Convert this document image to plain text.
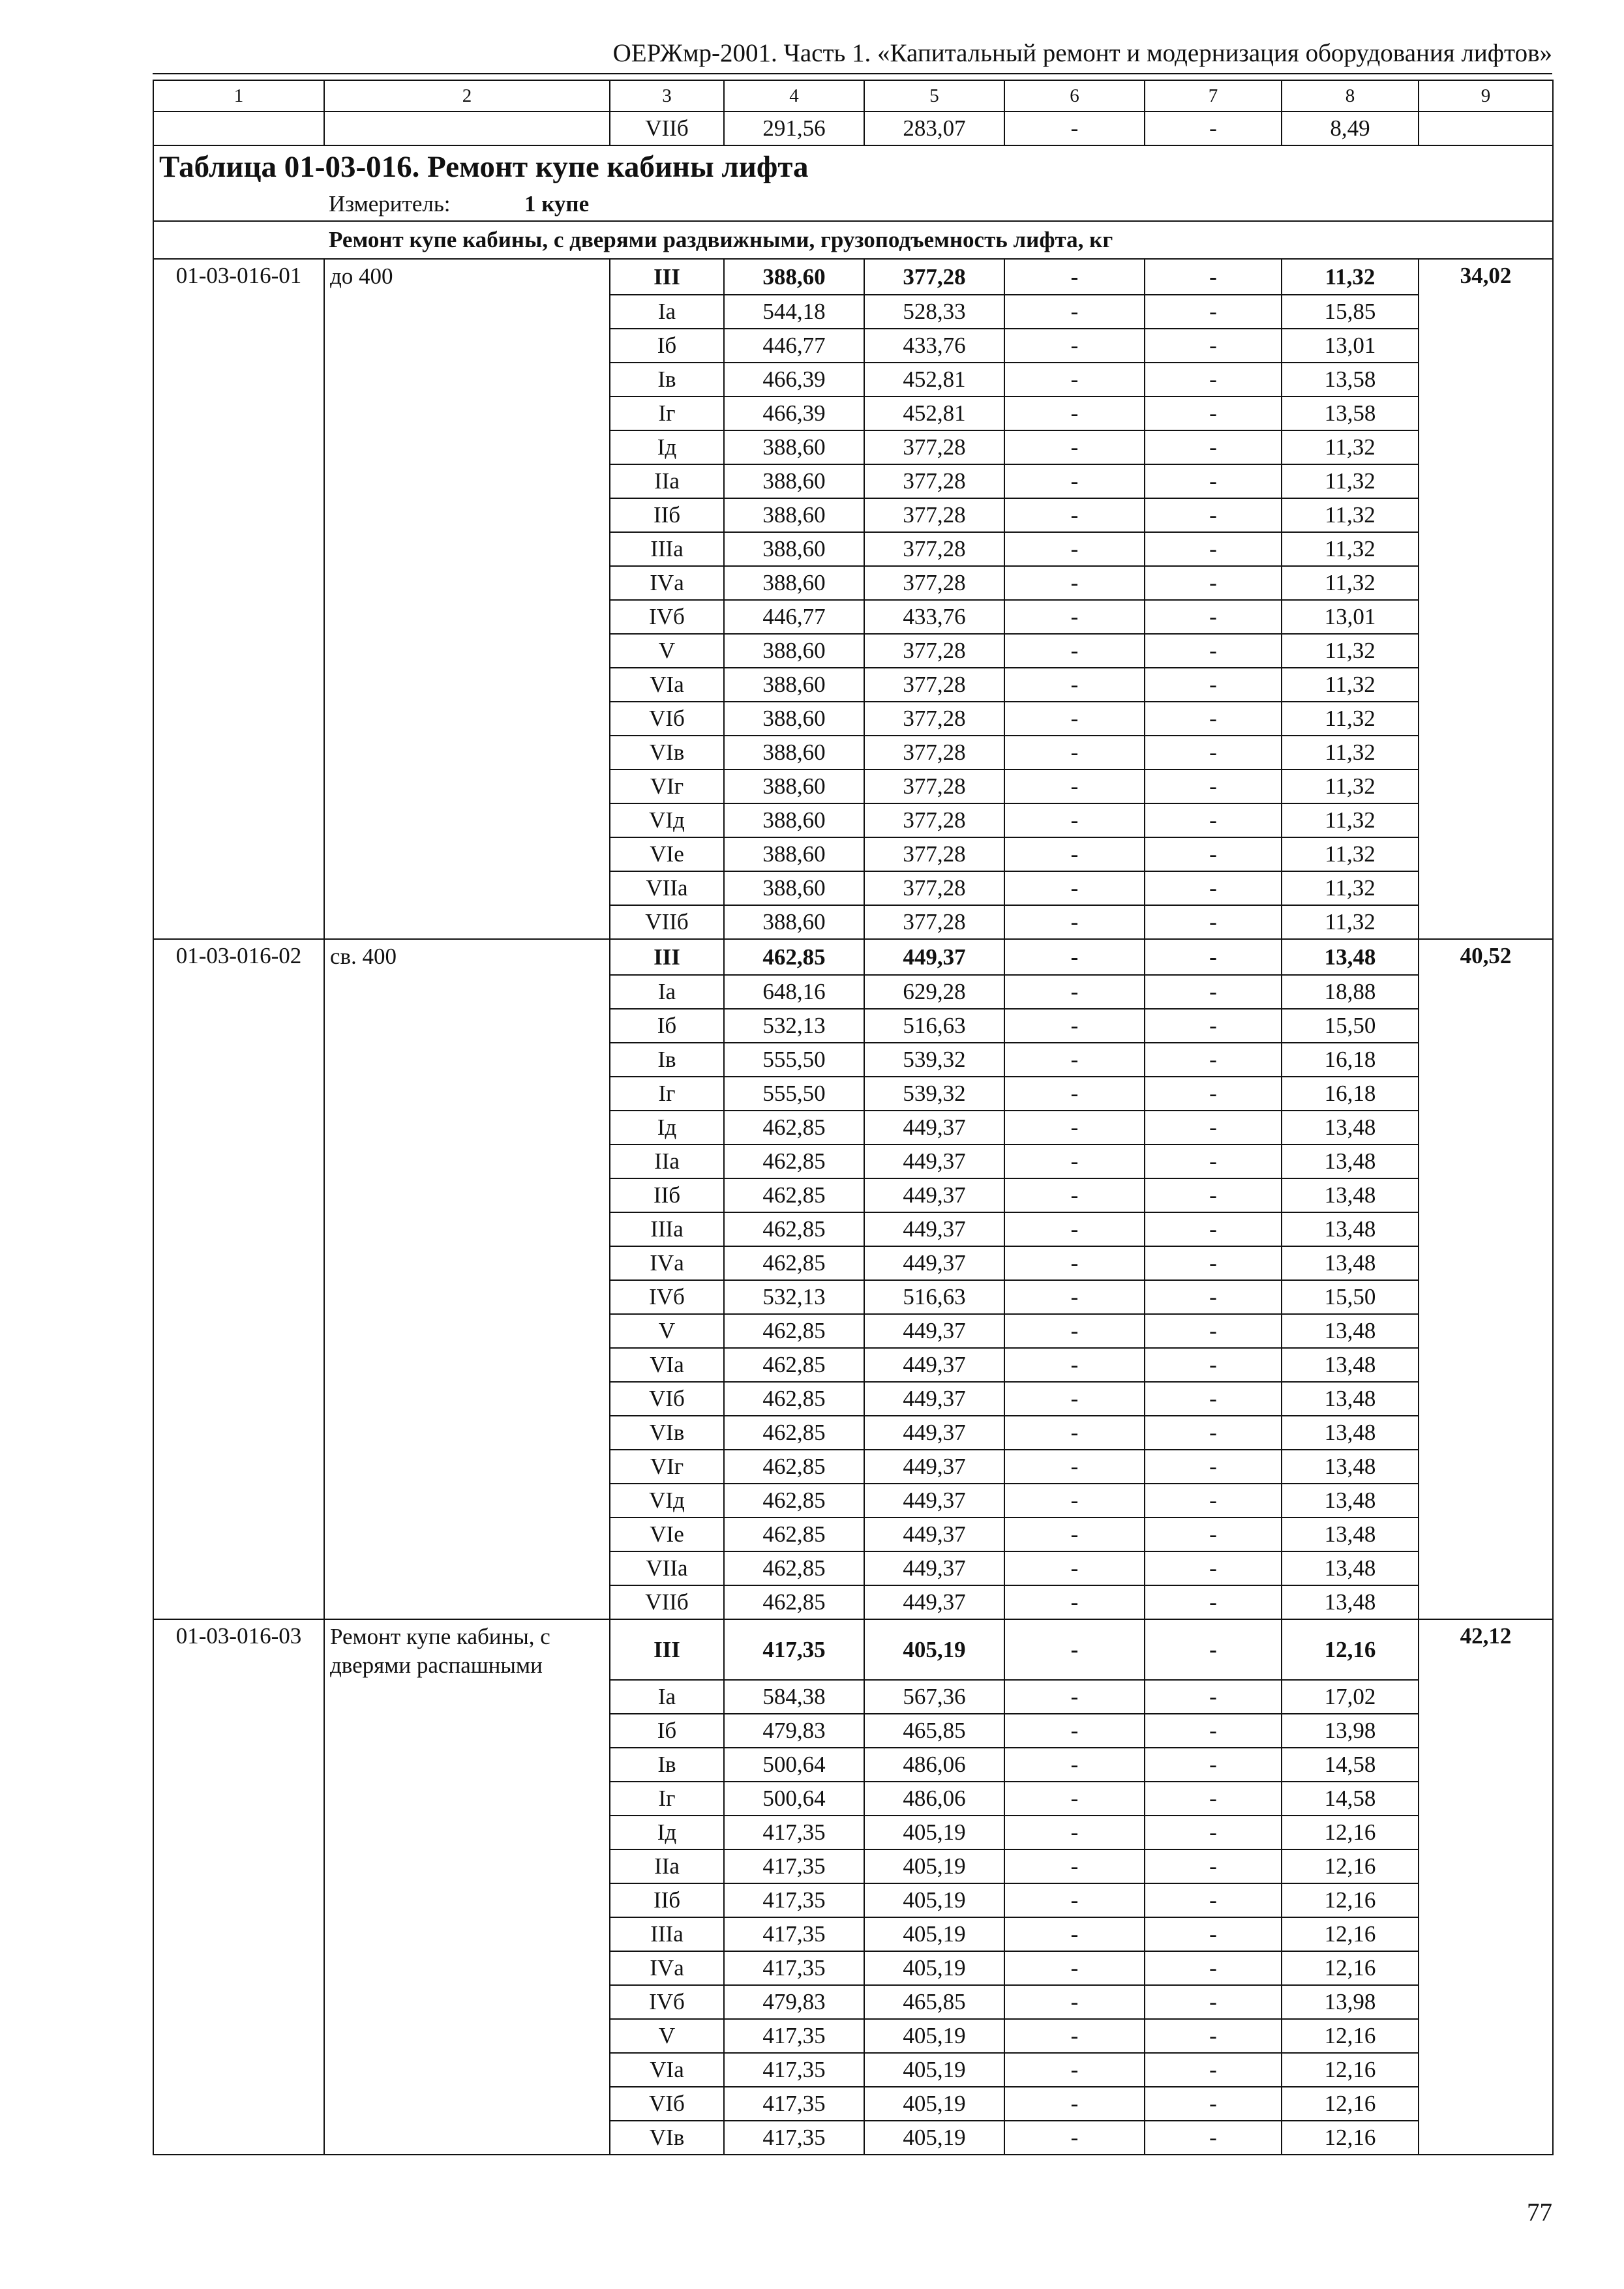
ОЕРЖмр-2001. Часть 1. «Капитальный ремонт и модернизация оборудования лифтов»
1	2	3	4	5	6	7	8	9
		VIIб	291,56	283,07	-	-	8,49	
Таблица 01-03-016. Ремонт купе кабины лифта								
Измеритель: 1 купе								
Ремонт купе кабины, с дверями раздвижными, грузоподъемность лифта, кг								
01-03-016-01	до 400	III	388,60	377,28	-	-	11,32	34,02
		Iа	544,18	528,33	-	-	15,85	
		Iб	446,77	433,76	-	-	13,01	
		Iв	466,39	452,81	-	-	13,58	
		Iг	466,39	452,81	-	-	13,58	
		Iд	388,60	377,28	-	-	11,32	
		IIа	388,60	377,28	-	-	11,32	
		IIб	388,60	377,28	-	-	11,32	
		IIIа	388,60	377,28	-	-	11,32	
		IVа	388,60	377,28	-	-	11,32	
		IVб	446,77	433,76	-	-	13,01	
		V	388,60	377,28	-	-	11,32	
		VIа	388,60	377,28	-	-	11,32	
		VIб	388,60	377,28	-	-	11,32	
		VIв	388,60	377,28	-	-	11,32	
		VIг	388,60	377,28	-	-	11,32	
		VIд	388,60	377,28	-	-	11,32	
		VIе	388,60	377,28	-	-	11,32	
		VIIа	388,60	377,28	-	-	11,32	
		VIIб	388,60	377,28	-	-	11,32	
01-03-016-02	св. 400	III	462,85	449,37	-	-	13,48	40,52
		Iа	648,16	629,28	-	-	18,88	
		Iб	532,13	516,63	-	-	15,50	
		Iв	555,50	539,32	-	-	16,18	
		Iг	555,50	539,32	-	-	16,18	
		Iд	462,85	449,37	-	-	13,48	
		IIа	462,85	449,37	-	-	13,48	
		IIб	462,85	449,37	-	-	13,48	
		IIIа	462,85	449,37	-	-	13,48	
		IVа	462,85	449,37	-	-	13,48	
		IVб	532,13	516,63	-	-	15,50	
		V	462,85	449,37	-	-	13,48	
		VIа	462,85	449,37	-	-	13,48	
		VIб	462,85	449,37	-	-	13,48	
		VIв	462,85	449,37	-	-	13,48	
		VIг	462,85	449,37	-	-	13,48	
		VIд	462,85	449,37	-	-	13,48	
		VIе	462,85	449,37	-	-	13,48	
		VIIа	462,85	449,37	-	-	13,48	
		VIIб	462,85	449,37	-	-	13,48	
01-03-016-03	Ремонт купе кабины, с дверями распашными	III	417,35	405,19	-	-	12,16	42,12
		Iа	584,38	567,36	-	-	17,02	
		Iб	479,83	465,85	-	-	13,98	
		Iв	500,64	486,06	-	-	14,58	
		Iг	500,64	486,06	-	-	14,58	
		Iд	417,35	405,19	-	-	12,16	
		IIа	417,35	405,19	-	-	12,16	
		IIб	417,35	405,19	-	-	12,16	
		IIIа	417,35	405,19	-	-	12,16	
		IVа	417,35	405,19	-	-	12,16	
		IVб	479,83	465,85	-	-	13,98	
		V	417,35	405,19	-	-	12,16	
		VIа	417,35	405,19	-	-	12,16	
		VIб	417,35	405,19	-	-	12,16	
		VIв	417,35	405,19	-	-	12,16	
77
